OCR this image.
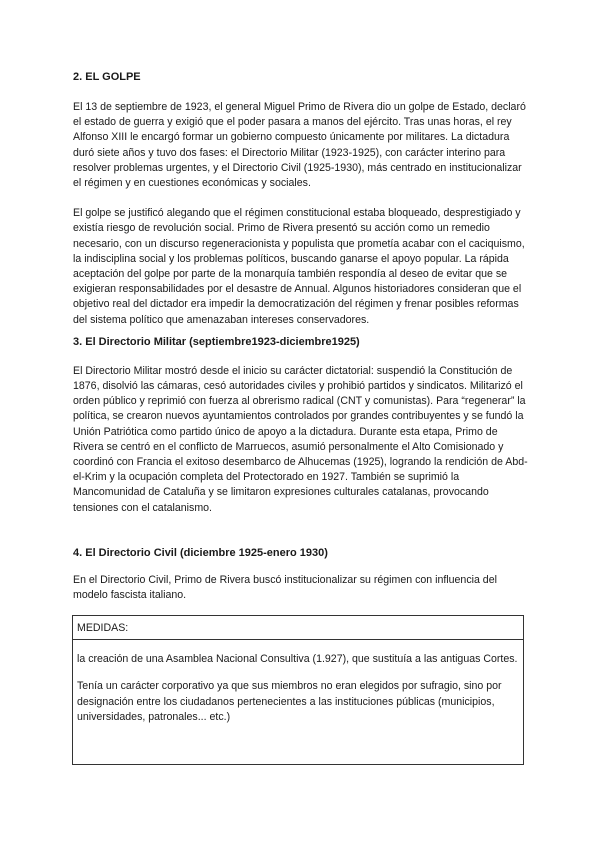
2. EL GOLPE

El 13 de septiembre de 1923, el general Miguel Primo de Rivera dio un golpe de Estado, declaró el estado de guerra y exigió que el poder pasara a manos del ejército. Tras unas horas, el rey Alfonso XIII le encargó formar un gobierno compuesto únicamente por militares. La dictadura duró siete años y tuvo dos fases: el Directorio Militar (1923-1925), con carácter interino para resolver problemas urgentes, y el Directorio Civil (1925-1930), más centrado en institucionalizar el régimen y en cuestiones económicas y sociales.

El golpe se justificó alegando que el régimen constitucional estaba bloqueado, desprestigiado y existía riesgo de revolución social. Primo de Rivera presentó su acción como un remedio necesario, con un discurso regeneracionista y populista que prometía acabar con el caciquismo, la indisciplina social y los problemas políticos, buscando ganarse el apoyo popular. La rápida aceptación del golpe por parte de la monarquía también respondía al deseo de evitar que se exigieran responsabilidades por el desastre de Annual. Algunos historiadores consideran que el objetivo real del dictador era impedir la democratización del régimen y frenar posibles reformas del sistema político que amenazaban intereses conservadores.

3. El Directorio Militar (septiembre1923-diciembre1925)

El Directorio Militar mostró desde el inicio su carácter dictatorial: suspendió la Constitución de 1876, disolvió las cámaras, cesó autoridades civiles y prohibió partidos y sindicatos. Militarizó el orden público y reprimió con fuerza al obrerismo radical (CNT y comunistas). Para “regenerar” la política, se crearon nuevos ayuntamientos controlados por grandes contribuyentes y se fundó la Unión Patriótica como partido único de apoyo a la dictadura. Durante esta etapa, Primo de Rivera se centró en el conflicto de Marruecos, asumió personalmente el Alto Comisionado y coordinó con Francia el exitoso desembarco de Alhucemas (1925), logrando la rendición de Abd-el-Krim y la ocupación completa del Protectorado en 1927. También se suprimió la Mancomunidad de Cataluña y se limitaron expresiones culturales catalanas, provocando tensiones con el catalanismo.

4. El Directorio Civil (diciembre 1925-enero 1930)

En el Directorio Civil, Primo de Rivera buscó institucionalizar su régimen con influencia del modelo fascista italiano.

MEDIDAS:

la creación de una Asamblea Nacional Consultiva (1.927), que sustituía a las antiguas Cortes.

Tenía un carácter corporativo ya que sus miembros no eran elegidos por sufragio, sino por designación entre los ciudadanos pertenecientes a las instituciones públicas (municipios, universidades, patronales... etc.)
